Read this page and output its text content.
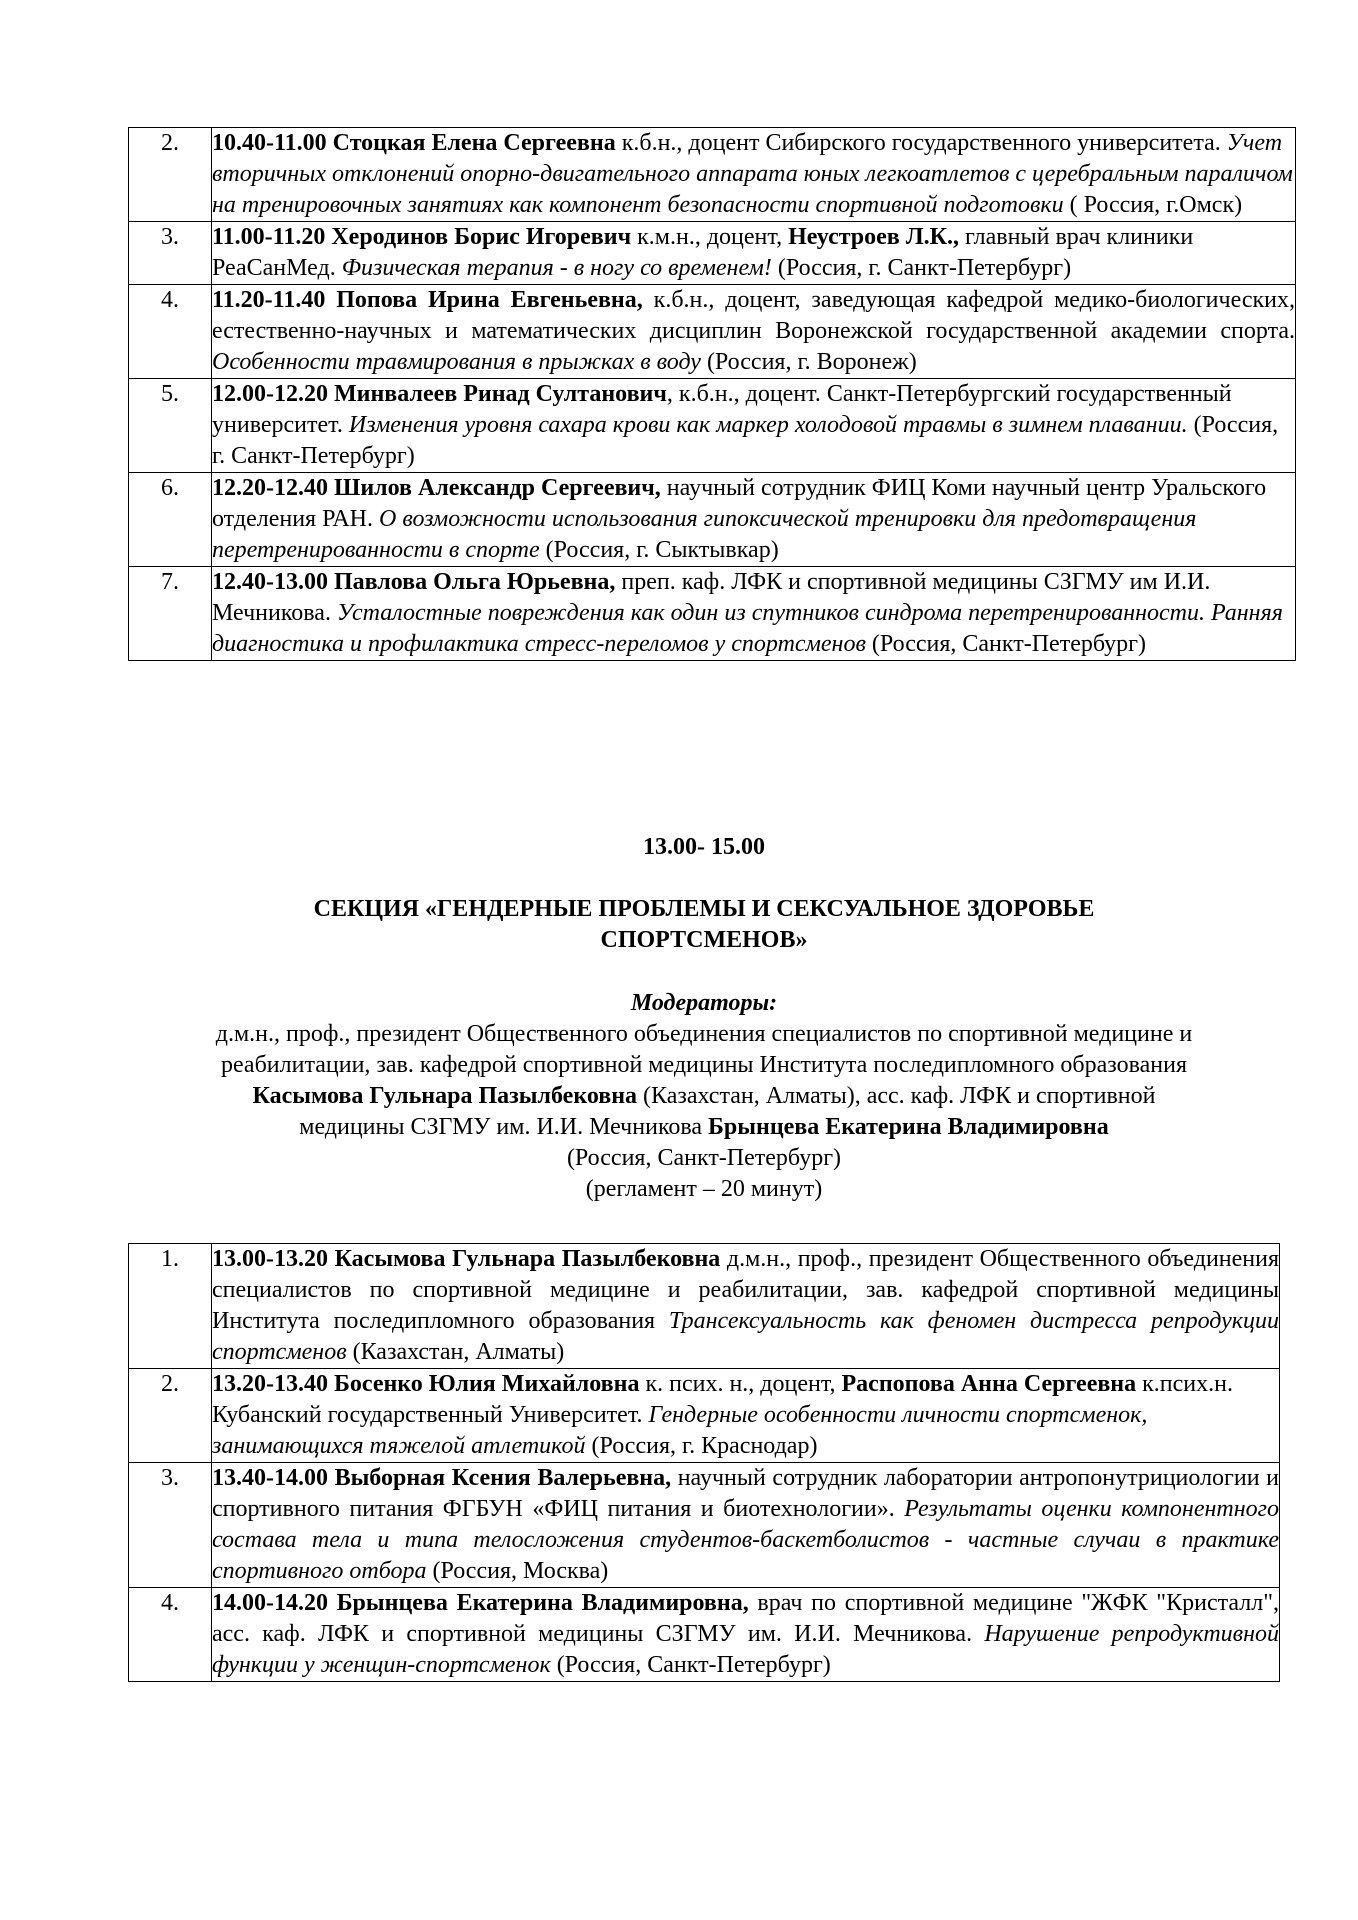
2.	10.40-11.00 Стоцкая Елена Сергеевна к.б.н., доцент Сибирского государственного университета. Учет вторичных отклонений опорно-двигательного аппарата юных легкоатлетов с церебральным параличом на тренировочных занятиях как компонент безопасности спортивной подготовки ( Россия, г.Омск)
3.	11.00-11.20 Херодинов Борис Игоревич к.м.н., доцент, Неустроев Л.К., главный врач клиники РеаСанМед. Физическая терапия - в ногу со временем! (Россия, г. Санкт-Петербург)
4.	11.20-11.40 Попова Ирина Евгеньевна, к.б.н., доцент, заведующая кафедрой медико-биологических, естественно-научных и математических дисциплин Воронежской государственной академии спорта. Особенности травмирования в прыжках в воду (Россия, г. Воронеж)
5.	12.00-12.20 Минвалеев Ринад Султанович, к.б.н., доцент. Санкт-Петербургский государственный университет. Изменения уровня сахара крови как маркер холодовой травмы в зимнем плавании. (Россия, г. Санкт-Петербург)
6.	12.20-12.40 Шилов Александр Сергеевич, научный сотрудник ФИЦ Коми научный центр Уральского отделения РАН. О возможности использования гипоксической тренировки для предотвращения перетренированности в спорте (Россия, г. Сыктывкар)
7.	12.40-13.00 Павлова Ольга Юрьевна, преп. каф. ЛФК и спортивной медицины СЗГМУ им И.И. Мечникова. Усталостные повреждения как один из спутников синдрома перетренированности. Ранняя диагностика и профилактика стресс-переломов у спортсменов (Россия, Санкт-Петербург)
13.00- 15.00
СЕКЦИЯ «ГЕНДЕРНЫЕ ПРОБЛЕМЫ И СЕКСУАЛЬНОЕ ЗДОРОВЬЕ
СПОРТСМЕНОВ»
Модераторы:
д.м.н., проф., президент Общественного объединения специалистов по спортивной медицине и
реабилитации, зав. кафедрой спортивной медицины Института последипломного образования
Касымова Гульнара Пазылбековна (Казахстан, Алматы), асс. каф. ЛФК и спортивной
медицины СЗГМУ им. И.И. Мечникова Брынцева Екатерина Владимировна
(Россия, Санкт-Петербург)
(регламент – 20 минут)
1.	13.00-13.20 Касымова Гульнара Пазылбековна д.м.н., проф., президент Общественного объединения специалистов по спортивной медицине и реабилитации, зав. кафедрой спортивной медицины Института последипломного образования Трансексуальность как феномен дистресса репродукции спортсменов (Казахстан, Алматы)
2.	13.20-13.40 Босенко Юлия Михайловна к. псих. н., доцент, Распопова Анна Сергеевна к.псих.н. Кубанский государственный Университет. Гендерные особенности личности спортсменок, занимающихся тяжелой атлетикой (Россия, г. Краснодар)
3.	13.40-14.00 Выборная Ксения Валерьевна, научный сотрудник лаборатории антропонутрициологии и спортивного питания ФГБУН «ФИЦ питания и биотехнологии». Результаты оценки компонентного состава тела и типа телосложения студентов-баскетболистов - частные случаи в практике спортивного отбора (Россия, Москва)
4.	14.00-14.20 Брынцева Екатерина Владимировна, врач по спортивной медицине "ЖФК "Кристалл", асс. каф. ЛФК и спортивной медицины СЗГМУ им. И.И. Мечникова. Нарушение репродуктивной функции у женщин-спортсменок (Россия, Санкт-Петербург)
